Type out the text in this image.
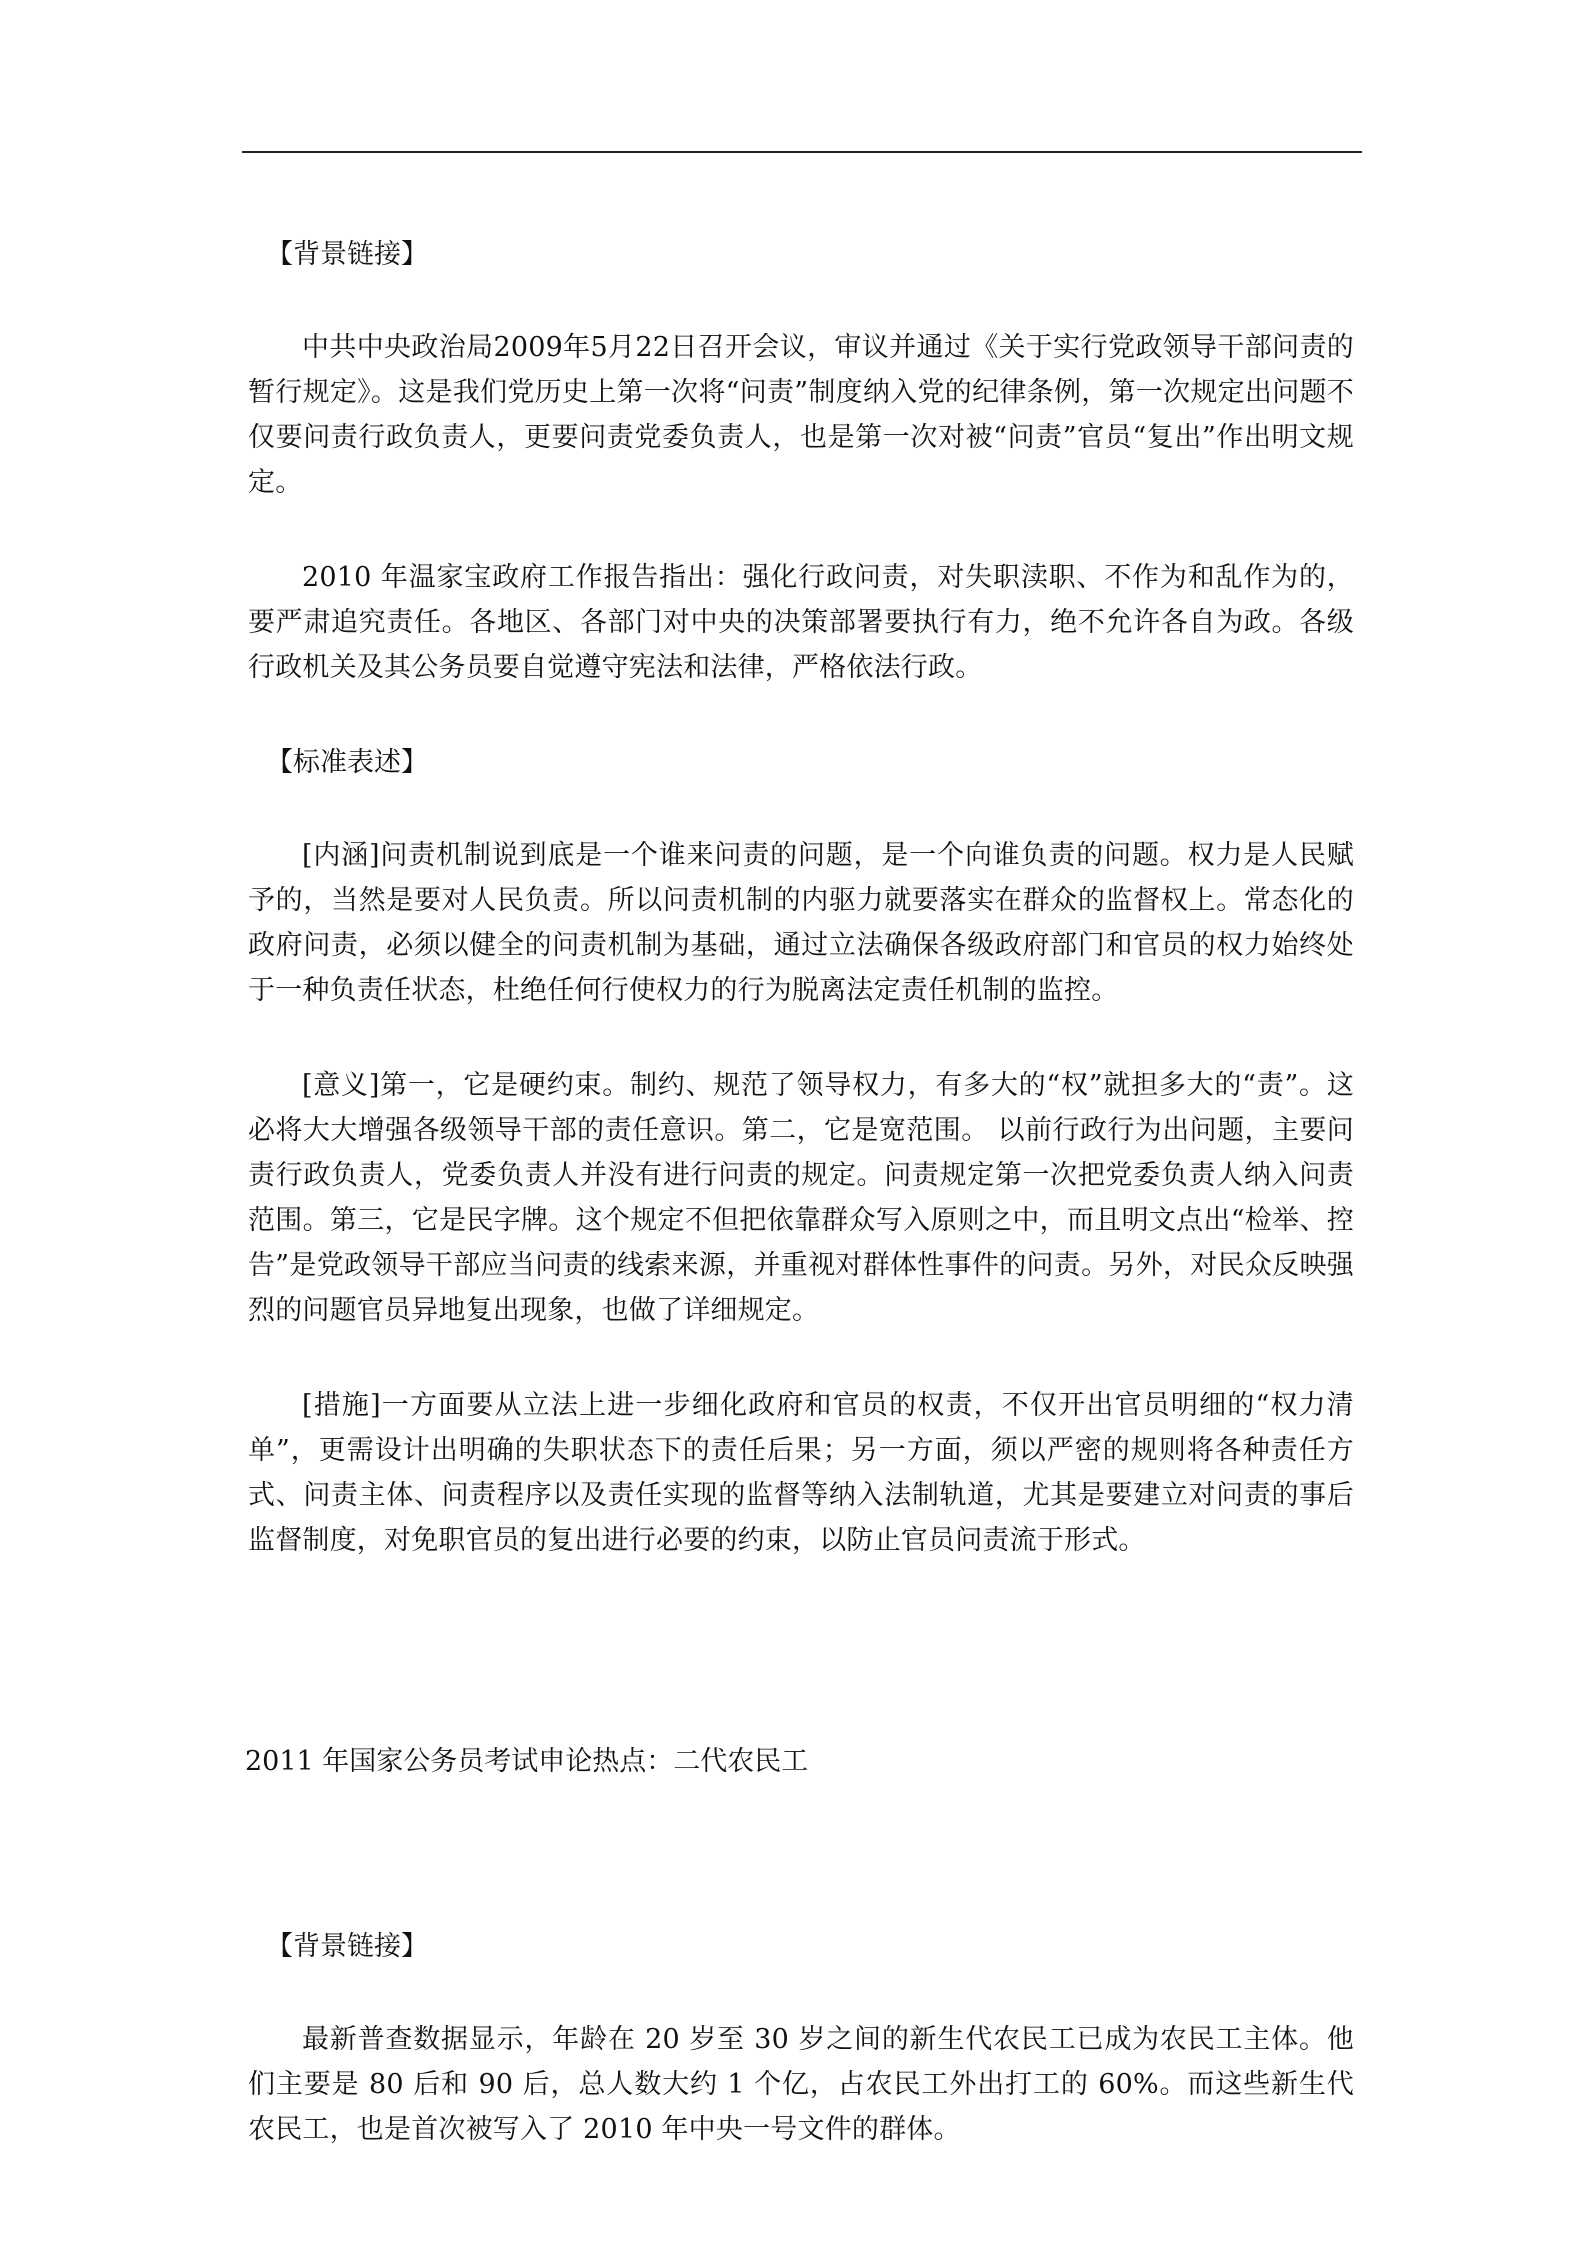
【背景链接】

中共中央政治局2009年5月22日召开会议，审议并通过《关于实行党政领导干部问责的暂行规定》。这是我们党历史上第一次将“问责”制度纳入党的纪律条例，第一次规定出问题不仅要问责行政负责人，更要问责党委负责人，也是第一次对被“问责”官员“复出”作出明文规定。

2010 年温家宝政府工作报告指出：强化行政问责，对失职渎职、不作为和乱作为的，要严肃追究责任。各地区、各部门对中央的决策部署要执行有力，绝不允许各自为政。各级行政机关及其公务员要自觉遵守宪法和法律，严格依法行政。

【标准表述】

[内涵]问责机制说到底是一个谁来问责的问题，是一个向谁负责的问题。权力是人民赋予的，当然是要对人民负责。所以问责机制的内驱力就要落实在群众的监督权上。常态化的政府问责，必须以健全的问责机制为基础，通过立法确保各级政府部门和官员的权力始终处于一种负责任状态，杜绝任何行使权力的行为脱离法定责任机制的监控。

[意义]第一，它是硬约束。制约、规范了领导权力，有多大的“权”就担多大的“责”。这必将大大增强各级领导干部的责任意识。第二，它是宽范围。 以前行政行为出问题，主要问责行政负责人，党委负责人并没有进行问责的规定。问责规定第一次把党委负责人纳入问责范围。第三，它是民字牌。这个规定不但把依靠群众写入原则之中，而且明文点出“检举、控告”是党政领导干部应当问责的线索来源，并重视对群体性事件的问责。另外，对民众反映强烈的问题官员异地复出现象，也做了详细规定。

[措施]一方面要从立法上进一步细化政府和官员的权责，不仅开出官员明细的“权力清单”，更需设计出明确的失职状态下的责任后果；另一方面，须以严密的规则将各种责任方式、问责主体、问责程序以及责任实现的监督等纳入法制轨道，尤其是要建立对问责的事后监督制度，对免职官员的复出进行必要的约束，以防止官员问责流于形式。

2011 年国家公务员考试申论热点：二代农民工

【背景链接】

最新普查数据显示，年龄在 20 岁至 30 岁之间的新生代农民工已成为农民工主体。他们主要是 80 后和 90 后，总人数大约 1 个亿，占农民工外出打工的 60%。而这些新生代农民工，也是首次被写入了 2010 年中央一号文件的群体。
